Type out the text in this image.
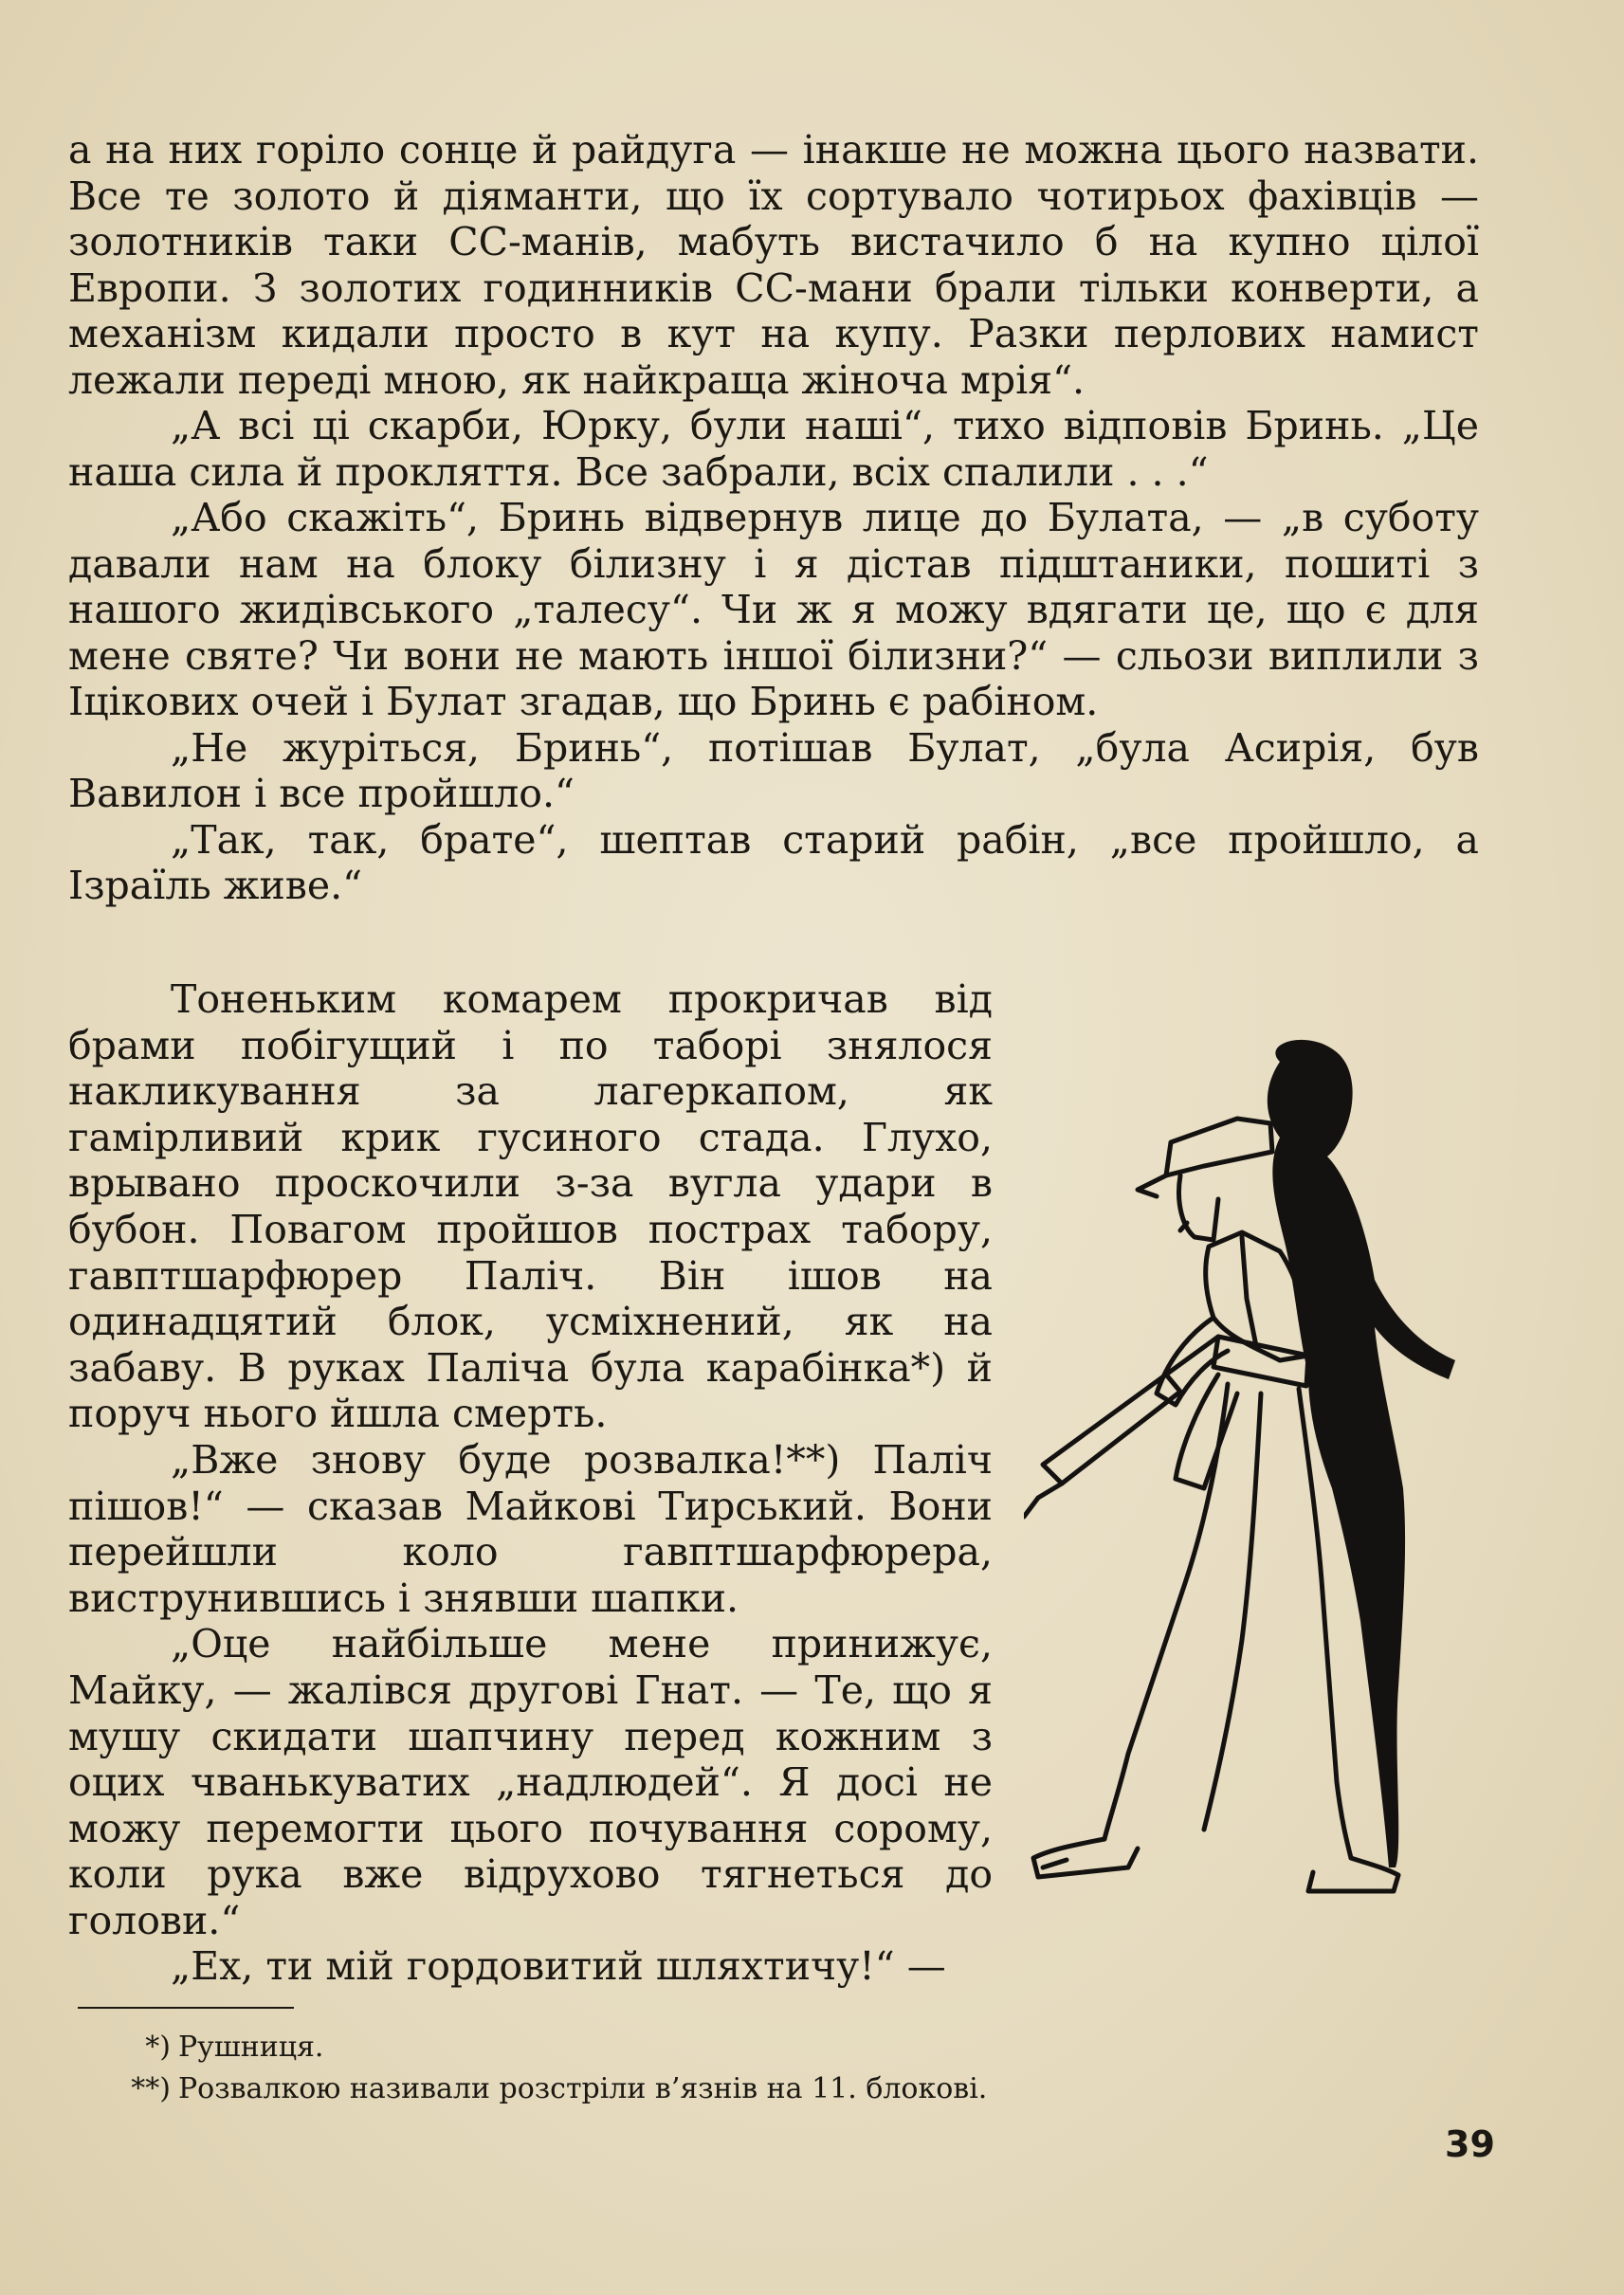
а на них горіло сонце й райдуга — інакше не можна цього назвати. Все те золото й діяманти, що їх сортувало чотирьох фахівців — золотників таки СС-манів, мабуть вистачило б на купно цілої Европи. З золотих годинників СС-мани брали тільки конверти, а механізм кидали просто в кут на купу. Разки перлових намист лежали переді мною, як найкраща жіноча мрія“.

„А всі ці скарби, Юрку, були наші“, тихо відповів Бринь. „Це наша сила й прокляття. Все забрали, всіх спалили . . .“

„Або скажіть“, Бринь відвернув лице до Булата, — „в суботу давали нам на блоку білизну і я дістав підштаники, пошиті з нашого жидівського „талесу“. Чи ж я можу вдягати це, що є для мене святе? Чи вони не мають іншої білизни?“ — сльози виплили з Іцікових очей і Булат згадав, що Бринь є рабіном.

„Не журіться, Бринь“, потішав Булат, „була Асирія, був Вавилон і все пройшло.“

„Так, так, брате“, шептав старий рабін, „все пройшло, а Ізраїль живе.“

Тоненьким комарем прокричав від брами побігущий і по таборі знялося накликування за лагеркапом, як гамірливий крик гусиного стада. Глухо, врывано проскочили з-за вугла удари в бубон. Повагом пройшов пострах табору, гавптшарфюрер Паліч. Він ішов на одинадцятий блок, усміхнений, як на забаву. В руках Паліча була карабінка*) й поруч нього йшла смерть.

„Вже знову буде розвалка!**) Паліч пішов!“ — сказав Майкові Тирський. Вони перейшли коло гавптшарфюрера, виструнившись і знявши шапки.

„Оце найбільше мене принижує, Майку, — жалівся другові Гнат. — Те, що я мушу скидати шапчину перед кожним з оцих чванькуватих „надлюдей“. Я досі не можу перемогти цього почування сорому, коли рука вже відрухово тягнеться до голови.“

„Ех, ти мій гордовитий шляхтичу!“ —

*) Рушниця.

**) Розвалкою називали розстріли в’язнів на 11. блокові.

39
